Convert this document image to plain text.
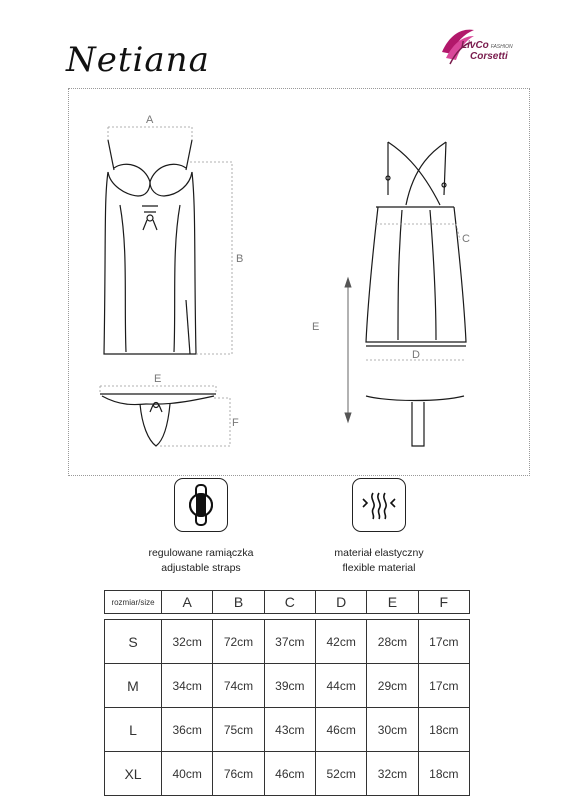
Netiana	LivCo FASHION
Corsetti
A
B
E
F
C
D
E
regulowane ramiączka
adjustable straps
materiał elastyczny
flexible material
rozmiar/size	A	B	C	D	E	F

S	32cm	72cm	37cm	42cm	28cm	17cm
M	34cm	74cm	39cm	44cm	29cm	17cm
L	36cm	75cm	43cm	46cm	30cm	18cm
XL	40cm	76cm	46cm	52cm	32cm	18cm
